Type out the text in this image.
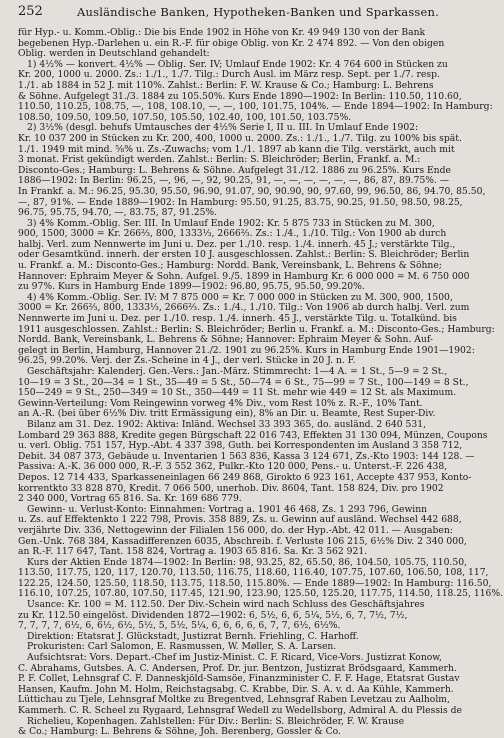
252	Ausländische Banken, Hypotheken-Banken und Sparkassen.
für Hyp.- u. Komm.-Oblig.: Die bis Ende 1902 in Höhe von Kr. 49 949 130 von der Bank
begebenen Hyp.-Darlehen u. ein R.-F. für obige Oblig. von Kr. 2 474 892. — Von den obigen
Oblig. werden in Deutschland gehandelt:
1) 4½% — konvert. 4½% — Oblig. Ser. IV; Umlauf Ende 1902: Kr. 4 764 600 in Stücken zu
Kr. 200, 1000 u. 2000. Zs.: 1./1., 1./7. Tilg.: Durch Ausl. im März resp. Sept. per 1./7. resp.
1./1. ab 1884 in 52 J. mit 110%. Zahlst.: Berlin: F. W. Krause & Co.; Hamburg: L. Behrens
& Söhne. Aufgelegt 31./3. 1884 zu 105.50%. Kurs Ende 1890—1902: In Berlin: 110.50, 110.60,
110.50, 110.25, 108.75, —, 108, 108.10, —, —, 100, 101.75, 104%. — Ende 1894—1902: In Hamburg:
108.50, 109.50, 109.50, 107.50, 105.50, 102.40, 100, 101.50, 103.75%.
2) 3½% (desgl. behufs Umtausches der 4½% Serie I, II u. III. In Umlauf Ende 1902:
Kr. 10 037 200 in Stücken zu Kr. 200, 400, 1000 u. 2000. Zs.: 1./1., 1./7. Tilg. zu 100% bis spät.
1./1. 1949 mit mind. ⅝% u. Zs.-Zuwachs; vom 1./1. 1897 ab kann die Tilg. verstärkt, auch mit
3 monat. Frist gekündigt werden. Zahlst.: Berlin: S. Bleichröder; Berlin, Frankf. a. M.:
Disconto-Ges.; Hamburg: L. Behrens & Söhne. Aufgelegt 31./12. 1886 zu 96.25%. Kurs Ende
1886—1902: In Berlin: 96.25, —, 96, —, 92, 90.25, 91, —, —, —, —, —, —, 86, 87, 89.75%. —
In Frankf. a. M.: 96.25, 95.30, 95.50, 96.90, 91.07, 90, 90.90, 90, 97.60, 99, 96.50, 86, 94.70, 85.50,
—, 87, 91%. — Ende 1889—1902: In Hamburg: 95.50, 91.25, 83.75, 90.25, 91.50, 98.50, 98.25,
96.75, 95.75, 94.70, —, 83.75, 87, 91.25%.
3) 4% Komm.-Oblig. Ser. III. In Umlauf Ende 1902: Kr. 5 875 733 in Stücken zu M. 300,
900, 1500, 3000 = Kr. 266⅔, 800, 1333⅓, 2666⅔. Zs.: 1./4., 1./10. Tilg.: Von 1900 ab durch
halbj. Verl. zum Nennwerte im Juni u. Dez. per 1./10. resp. 1./4. innerh. 45 J.; verstärkte Tilg.,
oder Gesamtkünd. innerh. der ersten 10 J. ausgeschlossen. Zahlst.: Berlin: S. Bleichröder; Berlin
u. Frankf. a. M.: Disconto-Ges.; Hamburg: Nordd. Bank, Vereinsbank, L. Behrens & Söhne;
Hannover: Ephraim Meyer & Sohn. Aufgel. 9./5. 1899 in Hamburg Kr. 6 000 000 = M. 6 750 000
zu 97%. Kurs in Hamburg Ende 1899—1902: 96.80, 95.75, 95.50, 99.20%.
4) 4% Komm.-Oblig. Ser. IV: M 7 875 000 = Kr. 7 000 000 in Stücken zu M. 300, 900, 1500,
3000 = Kr. 266⅔, 800, 1333⅓, 2666⅔. Zs.: 1./4., 1./10. Tilg.: Von 1906 ab durch halbj. Verl. zum
Nennwerte im Juni u. Dez. per 1./10. resp. 1./4. innerh. 45 J., verstärkte Tilg. u. Totalkünd. bis
1911 ausgeschlossen. Zahlst.: Berlin: S. Bleichröder; Berlin u. Frankf. a. M.: Disconto-Ges.; Hamburg:
Nordd. Bank, Vereinsbank, L. Behrens & Söhne; Hannover: Ephraim Meyer & Sohn. Auf-
gelegt in Berlin, Hamburg, Hannover 21./2. 1901 zu 96.25%. Kurs in Hamburg Ende 1901—1902:
96.25, 99.20%. Verj. der Zs.-Scheine in 4 J., der verl. Stücke in 20 J. n. F.
Geschäftsjahr: Kalenderj. Gen.-Vers.: Jan.-März. Stimmrecht: 1—4 A. = 1 St., 5—9 = 2 St.,
10—19 = 3 St., 20—34 = 1 St., 35—49 = 5 St., 50—74 = 6 St., 75—99 = 7 St., 100—149 = 8 St.,
150—249 = 9 St., 250—349 = 10 St., 350—449 = 11 St. mehr wie 449 = 12 St. als Maximum.
Gewinn-Verteilung: Vom Reingewinn vorweg 4% Div., vom Rest 10% z. R.-F., 10% Tant.
an A.-R. (bei über 6½% Div. tritt Ermässigung ein), 8% an Dir. u. Beamte, Rest Super-Div.
Bilanz am 31. Dez. 1902: Aktiva: Inländ. Wechsel 33 393 365, do. ausländ. 2 640 531,
Lombard 29 363 888, Kredite gegen Bürgschaft 22 016 743, Effekten 31 130 094, Münzen, Coupons
u. verl. Oblig. 751 157, Hyp.-Abt. 4 337 398, Guth. bei Korrespondenten im Ausland 3 358 712,
Debit. 34 087 373, Gebäude u. Inventarien 1 563 836, Kassa 3 124 671, Zs.-Kto 1903: 144 128. —
Passiva: A.-K. 36 000 000, R.-F. 3 552 362, Pulkr.-Kto 120 000, Pens.- u. Unterst.-F. 226 438,
Depos. 12 714 433, Sparkasseneinlagen 66 249 868, Girokto 6 923 161, Accepte 437 953, Konto-
korrentkto 33 828 870, Kredit. 7 066 500, unerhob. Div. 8604, Tant. 158 824, Div. pro 1902
2 340 000, Vortrag 65 816. Sa. Kr. 169 686 779.
Gewinn- u. Verlust-Konto: Einnahmen: Vortrag a. 1901 46 468, Zs. 1 293 796, Gewinn
u. Zs. auf Effektenkto 1 222 798, Provis. 358 889, Zs. u. Gewinn auf ausländ. Wechsel 442 688,
verjährte Div. 336, Nettogewinn der Filialen 156 000, do. der Hyp.-Abt. 42 011. — Ausgaben:
Gen.-Unk. 768 384, Kassadifferenzen 6035, Abschreib. f. Verluste 106 215, 6½% Div. 2 340 000,
an R.-F. 117 647, Tant. 158 824, Vortrag a. 1903 65 816. Sa. Kr. 3 562 921.
Kurs der Aktien Ende 1874—1902: In Berlin: 98, 93.25, 82, 65.50, 86, 104.50, 105.75, 110.50,
113.50, 117.75, 120, 117, 120.70, 113.50, 116.75, 118.60, 116.40, 107.75, 107.60, 106.50, 108, 117,
122.25, 124.50, 125.50, 118.50, 113.75, 118.50, 115.80%. — Ende 1889—1902: In Hamburg: 116.50,
116.10, 107.25, 107.80, 107.50, 117.45, 121.90, 123.90, 125.50, 125.20, 117.75, 114.50, 118.25, 116%.
Usance: Kr. 100 = M. 112.50. Der Div.-Schein wird nach Schluss des Geschäftsjahres
zu Kr. 112.50 eingelöst. Dividenden 1872—1902: 6, 5½, 6, 6, 5¼, 5½, 6, 7, 7½, 7½,
7, 7, 7, 7, 6½, 6, 6½, 6½, 5½, 5, 5½, 5¼, 6, 6, 6, 6, 6, 7, 7, 6½, 6½%.
Direktion: Etatsrat J. Glückstadt, Justizrat Bernh. Friehling, C. Harhoff.
Prokuristen: Carl Salomon, E. Rasmussen, W. Møller, S. A. Larsen.
Aufsichtsrat: Vors. Depart.-Chef im Justiz-Minist. C. F. Ricard, Vice-Vors. Justizrat Konow,
C. Abrahams, Gutsbes. A. C. Andersen, Prof. Dr. jur. Bentzon, Justizrat Brödsgaard, Kammerh.
P. F. Collet, Lehnsgraf C. F. Danneskjöld-Samsöe, Finanzminister C. F. F. Hage, Etatsrat Gustav
Hansen, Kaufm. John M. Holm, Reichstagsabg. C. Krabbe, Dir. S. A. v. d. Aa Kühle, Kammerh.
Lüttichau zu Tjele, Lehnsgraf Moltke zu Bregentved, Lehnsgraf Raben Levetzau zu Aalholm,
Kammerh. C. R. Scheel zu Rygaard, Lehnsgraf Wedell zu Wedellsborg, Admiral A. du Plessis de
Richelieu, Kopenhagen. Zahlstellen: Für Div.: Berlin: S. Bleichröder, F. W. Krause
& Co.; Hamburg: L. Behrens & Söhne, Joh. Berenberg, Gossler & Co.
